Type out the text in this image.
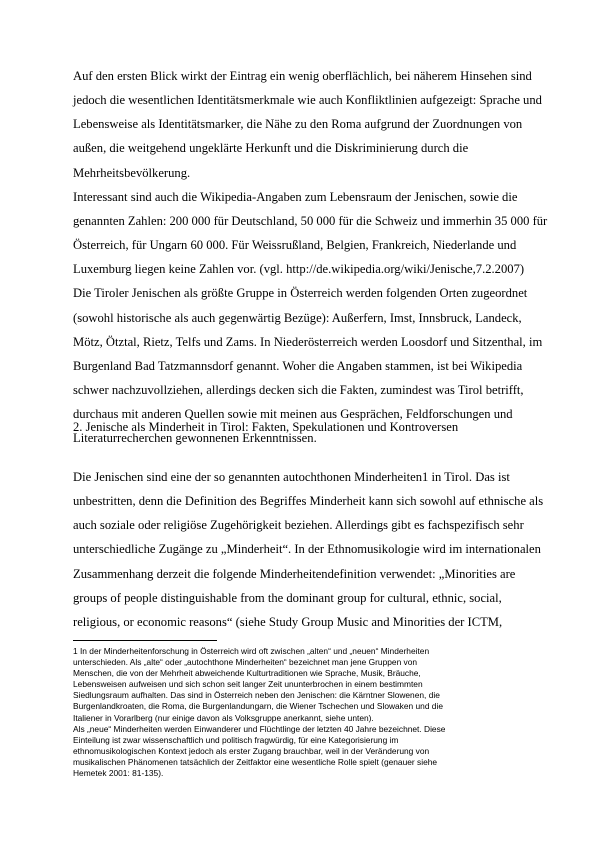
Auf den ersten Blick wirkt der Eintrag ein wenig oberflächlich, bei näherem Hinsehen sind
jedoch die wesentlichen Identitätsmerkmale wie auch Konfliktlinien aufgezeigt: Sprache und
Lebensweise als Identitätsmarker, die Nähe zu den Roma aufgrund der Zuordnungen von
außen, die weitgehend ungeklärte Herkunft und die Diskriminierung durch die
Mehrheitsbevölkerung.
Interessant sind auch die Wikipedia-Angaben zum Lebensraum der Jenischen, sowie die
genannten Zahlen: 200 000 für Deutschland, 50 000 für die Schweiz und immerhin 35 000 für
Österreich, für Ungarn 60 000. Für Weissrußland, Belgien, Frankreich, Niederlande und
Luxemburg liegen keine Zahlen vor. (vgl. http://de.wikipedia.org/wiki/Jenische,7.2.2007)
Die Tiroler Jenischen als größte Gruppe in Österreich werden folgenden Orten zugeordnet
(sowohl historische als auch gegenwärtig Bezüge): Außerfern, Imst, Innsbruck, Landeck,
Mötz, Ötztal, Rietz, Telfs und Zams. In Niederösterreich werden Loosdorf und Sitzenthal, im
Burgenland Bad Tatzmannsdorf genannt. Woher die Angaben stammen, ist bei Wikipedia
schwer nachzuvollziehen, allerdings decken sich die Fakten, zumindest was Tirol betrifft,
durchaus mit anderen Quellen sowie mit meinen aus Gesprächen, Feldforschungen und
Literaturrecherchen gewonnenen Erkenntnissen.
2. Jenische als Minderheit in Tirol: Fakten, Spekulationen und Kontroversen
Die Jenischen sind eine der so genannten autochthonen Minderheiten1 in Tirol. Das ist
unbestritten, denn die Definition des Begriffes Minderheit kann sich sowohl auf ethnische als
auch soziale oder religiöse Zugehörigkeit beziehen. Allerdings gibt es fachspezifisch sehr
unterschiedliche Zugänge zu „Minderheit“. In der Ethnomusikologie wird im internationalen
Zusammenhang derzeit die folgende Minderheitendefinition verwendet: „Minorities are
groups of people distinguishable from the dominant group for cultural, ethnic, social,
religious, or economic reasons“ (siehe Study Group Music and Minorities der ICTM,
1 In der Minderheitenforschung in Österreich wird oft zwischen „alten“ und „neuen“ Minderheiten
unterschieden. Als „alte“ oder „autochthone Minderheiten“ bezeichnet man jene Gruppen von
Menschen, die von der Mehrheit abweichende Kulturtraditionen wie Sprache, Musik, Bräuche,
Lebensweisen aufweisen und sich schon seit langer Zeit ununterbrochen in einem bestimmten
Siedlungsraum aufhalten. Das sind in Österreich neben den Jenischen: die Kärntner Slowenen, die
Burgenlandkroaten, die Roma, die Burgenlandungarn, die Wiener Tschechen und Slowaken und die
Italiener in Vorarlberg (nur einige davon als Volksgruppe anerkannt, siehe unten).
Als „neue“ Minderheiten werden Einwanderer und Flüchtlinge der letzten 40 Jahre bezeichnet. Diese
Einteilung ist zwar wissenschaftlich und politisch fragwürdig, für eine Kategorisierung im
ethnomusikologischen Kontext jedoch als erster Zugang brauchbar, weil in der Veränderung von
musikalischen Phänomenen tatsächlich der Zeitfaktor eine wesentliche Rolle spielt (genauer siehe
Hemetek 2001: 81-135).
